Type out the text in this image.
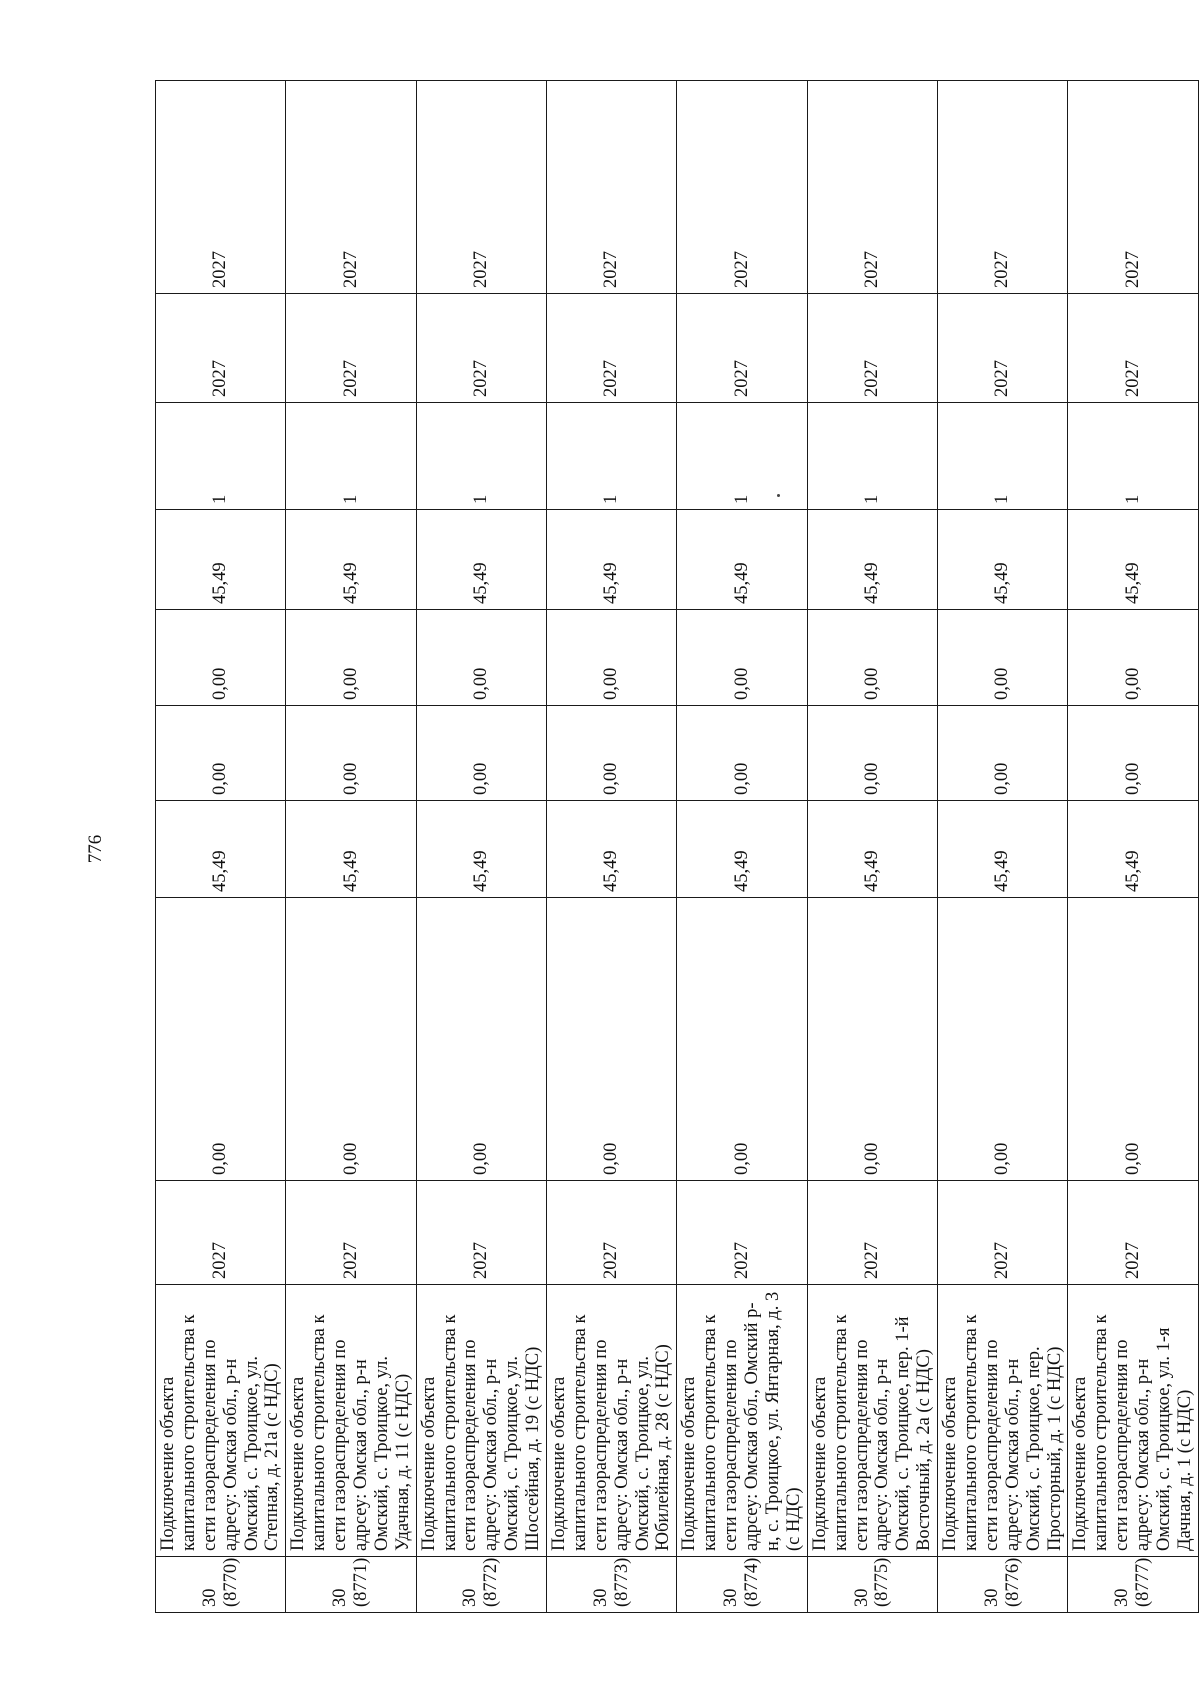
776
30
(8770)	Подключение объекта капитального строительства к сети газораспределения по адресу: Омская обл., р-н Омский, с. Троицкое, ул. Степная, д. 21а (с НДС)	2027	0,00	45,49	0,00	0,00	45,49	1	2027	2027
30
(8771)	Подключение объекта капитального строительства к сети газораспределения по адрсеу: Омская обл., р-н Омский, с. Троицкое, ул. Удачная, д. 11 (с НДС)	2027	0,00	45,49	0,00	0,00	45,49	1	2027	2027
30
(8772)	Подключение объекта капитального строительства к сети газораспределения по адресу: Омская обл., р-н Омский, с. Троицкое, ул. Шоссейная, д. 19 (с НДС)	2027	0,00	45,49	0,00	0,00	45,49	1	2027	2027
30
(8773)	Подключение объекта капитального строительства к сети газораспределения по адресу: Омская обл., р-н Омский, с. Троицкое, ул. Юбилейная, д. 28 (с НДС)	2027	0,00	45,49	0,00	0,00	45,49	1	2027	2027
30
(8774)	Подключение объекта капитального строительства к сети газораспределения по адрсеу: Омская обл., Омский р-н, с. Троицкое, ул. Янтарная, д. 3 (с НДС)	2027	0,00	45,49	0,00	0,00	45,49	1	2027	2027
30
(8775)	Подключение объекта капитального строительства к сети газораспределения по адресу: Омская обл., р-н Омский, с. Троицкое, пер. 1-й Восточный, д. 2а (с НДС)	2027	0,00	45,49	0,00	0,00	45,49	1	2027	2027
30
(8776)	Подключение объекта капитального строительства к сети газораспределения по адресу: Омская обл., р-н Омский, с. Троицкое, пер. Просторный, д. 1 (с НДС)	2027	0,00	45,49	0,00	0,00	45,49	1	2027	2027
30
(8777)	Подключение объекта капитального строительства к сети газораспределения по адресу: Омская обл., р-н Омский, с. Троицкое, ул. 1-я Дачная, д. 1 (с НДС)	2027	0,00	45,49	0,00	0,00	45,49	1	2027	2027
